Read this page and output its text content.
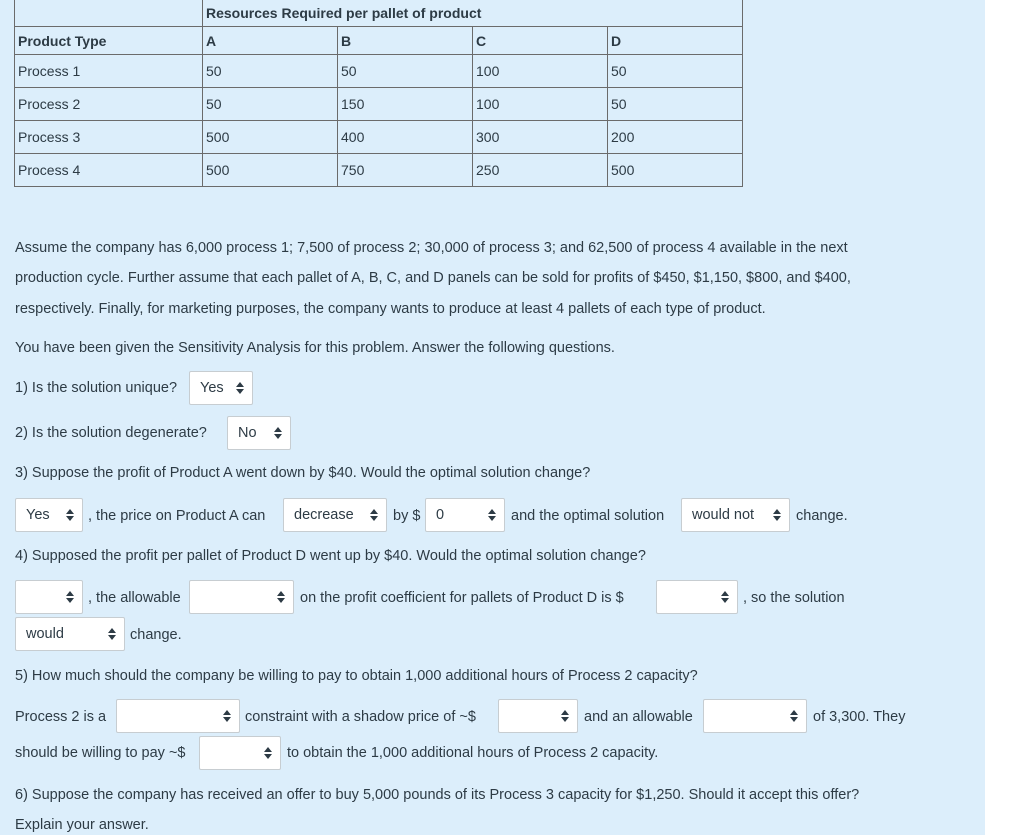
	Resources Required per pallet of product			
Product Type	A	B	C	D
Process 1	50	50	100	50
Process 2	50	150	100	50
Process 3	500	400	300	200
Process 4	500	750	250	500
Assume the company has 6,000 process 1; 7,500 of process 2; 30,000 of process 3; and 62,500 of process 4 available in the next
production cycle. Further assume that each pallet of A, B, C, and D panels can be sold for profits of $450, $1,150, $800, and $400,
respectively. Finally, for marketing purposes, the company wants to produce at least 4 pallets of each type of product.
You have been given the Sensitivity Analysis for this problem. Answer the following questions.
1) Is the solution unique? Yes
2) Is the solution degenerate? No
3) Suppose the profit of Product A went down by $40. Would the optimal solution change?
Yes	, the price on Product A can decrease	by $ 0	and the optimal solution would not	change.
4) Supposed the profit per pallet of Product D went up by $40. Would the optimal solution change?
, the allowable	on the profit coefficient for pallets of Product D is $	, so the solution
would	change.
5) How much should the company be willing to pay to obtain 1,000 additional hours of Process 2 capacity?
Process 2 is a	constraint with a shadow price of ~$	and an allowable	of 3,300. They
should be willing to pay ~$	to obtain the 1,000 additional hours of Process 2 capacity.
6) Suppose the company has received an offer to buy 5,000 pounds of its Process 3 capacity for $1,250. Should it accept this offer?
Explain your answer.
